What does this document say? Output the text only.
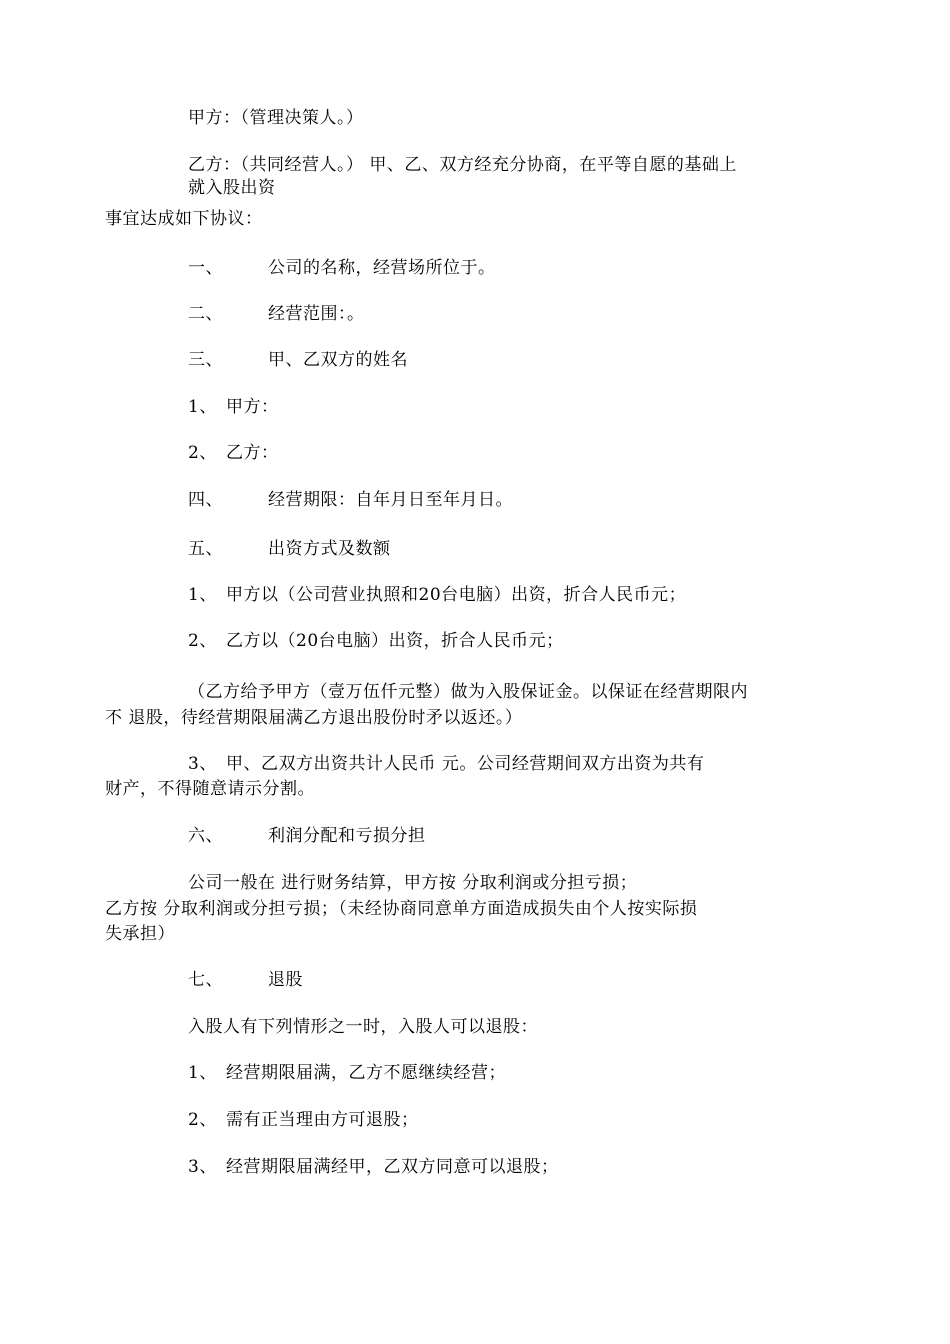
甲方：（管理决策人。）
乙方：（共同经营人。） 甲、乙、双方经充分协商，在平等自愿的基础上
就入股出资
事宜达成如下协议：
一、	公司的名称，经营场所位于。
二、	经营范围：。
三、	甲、乙双方的姓名
1、 甲方：
2、 乙方：
四、	经营期限：自年月日至年月日。
五、	出资方式及数额
1、 甲方以（公司营业执照和20台电脑）出资，折合人民币元；
2、 乙方以（20台电脑）出资，折合人民币元；
（乙方给予甲方（壹万伍仟元整）做为入股保证金。以保证在经营期限内
不 退股，待经营期限届满乙方退出股份时矛以返还。）
3、 甲、乙双方出资共计人民币 元。公司经营期间双方出资为共有
财产，不得随意请示分割。
六、	利润分配和亏损分担
公司一般在 进行财务结算，甲方按 分取利润或分担亏损；
乙方按 分取利润或分担亏损；（未经协商同意单方面造成损失由个人按实际损
失承担）
七、	退股
入股人有下列情形之一时，入股人可以退股：
1、 经营期限届满，乙方不愿继续经营；
2、 需有正当理由方可退股；
3、 经营期限届满经甲，乙双方同意可以退股；
